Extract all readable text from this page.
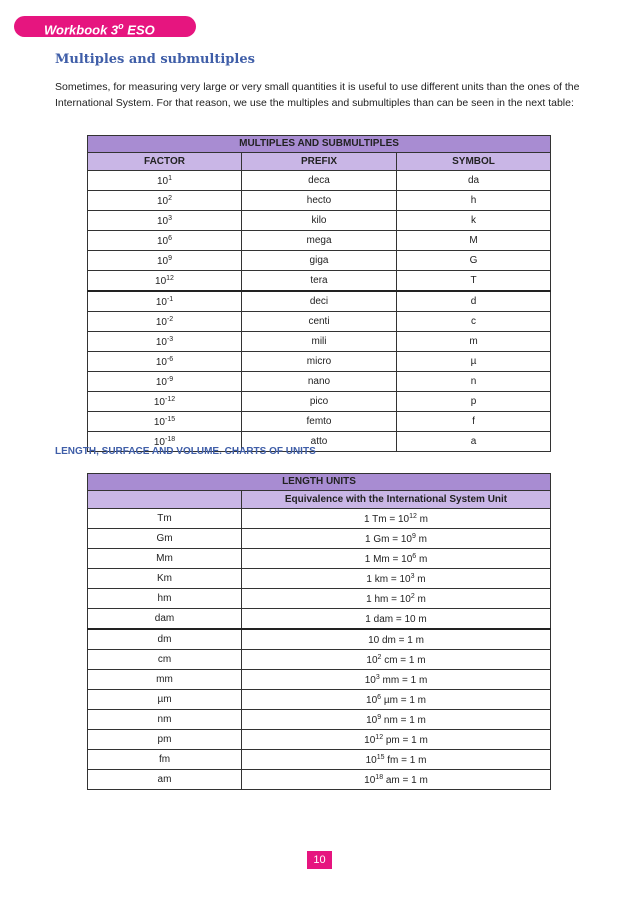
Workbook 3$^o$ ESO
Multiples and submultiples

Sometimes, for measuring very large or very small quantities it is useful to use different units than the ones of the International System. For that reason, we use the multiples and submultiples than can be seen in the next table:

MULTIPLES AND SUBMULTIPLES		
FACTOR	PREFIX	SYMBOL
$10^1$	deca	da
$10^2$	hecto	h
$10^3$	kilo	k
$10^6$	mega	M
$10^9$	giga	G
$10^{12}$	tera	T
$10^{-1}$	deci	d
$10^{-2}$	centi	c
$10^{-3}$	mili	m
$10^{-6}$	micro	µ
$10^{-9}$	nano	n
$10^{-12}$	pico	p
$10^{-15}$	femto	f
$10^{-18}$	atto	a
LENGTH, SURFACE AND VOLUME. CHARTS OF UNITS
LENGTH UNITS	
	Equivalence with the International System Unit
Tm	1 $Tm = 10^{12}$ m
Gm	1 $Gm = 10^9$ m
Mm	1 $Mm = 10^6$ m
Km	1 km = $10^3$ m
hm	1 hm = $10^2$ m
dam	1 dam = 10 m
dm	10 dm = 1 m
cm	$10^2$ cm = 1 m
mm	$10^3$ mm = 1 m
µm	$10^6$ µm = 1 m
nm	$10^9$ nm = 1 m
pm	$10^{12}$ pm = 1 m
fm	$10^{15}$ fm = 1 m
am	$10^{18}$ am = 1 m
10
